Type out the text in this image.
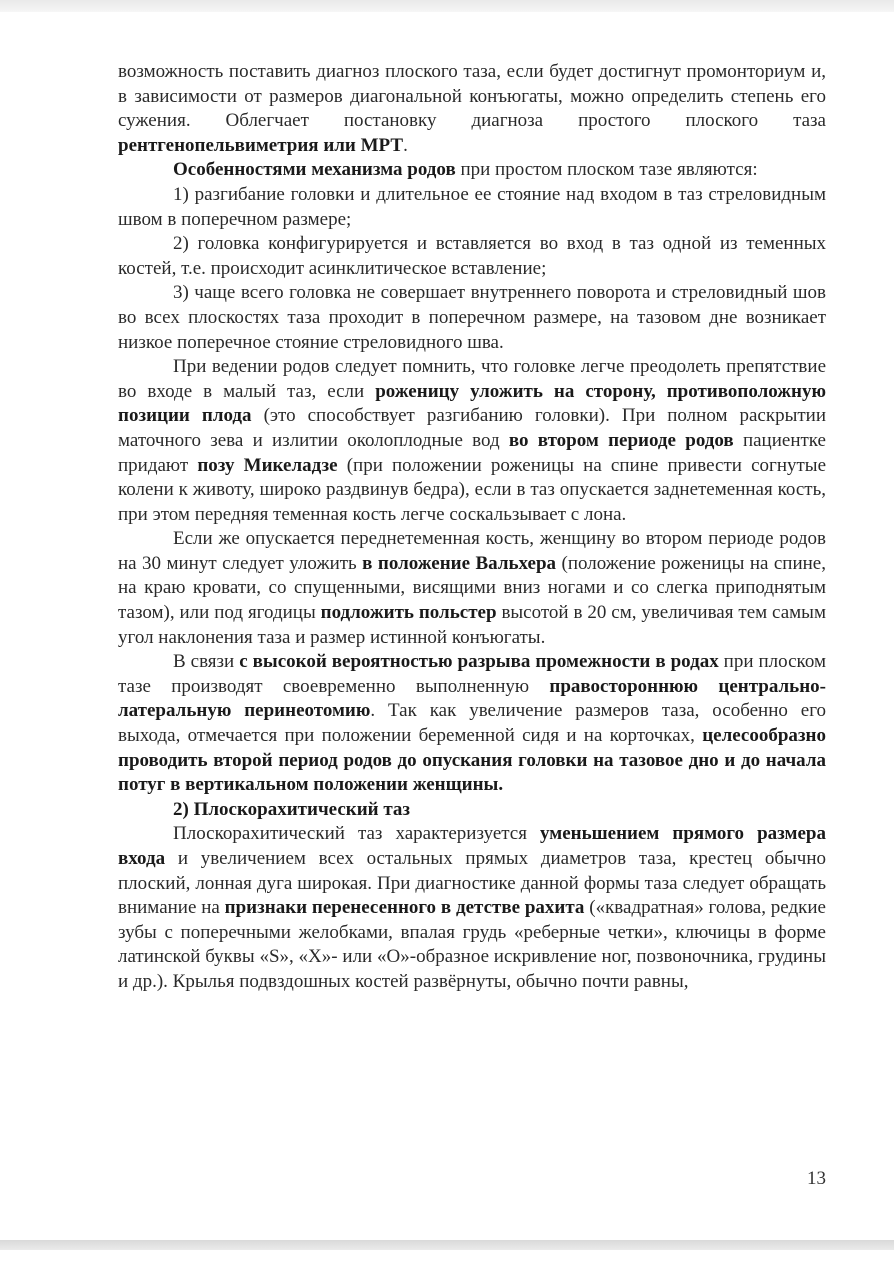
возможность поставить диагноз плоского таза, если будет достигнут промонториум и, в зависимости от размеров диагональной конъюгаты, можно определить степень его сужения. Облегчает постановку диагноза простого плоского таза рентгенопельвиметрия или МРТ.

Особенностями механизма родов при простом плоском тазе являются:

1) разгибание головки и длительное ее стояние над входом в таз стреловидным швом в поперечном размере;

2) головка конфигурируется и вставляется во вход в таз одной из теменных костей, т.е. происходит асинклитическое вставление;

3) чаще всего головка не совершает внутреннего поворота и стреловидный шов во всех плоскостях таза проходит в поперечном размере, на тазовом дне возникает низкое поперечное стояние стреловидного шва.

При ведении родов следует помнить, что головке легче преодолеть препятствие во входе в малый таз, если роженицу уложить на сторону, противоположную позиции плода (это способствует разгибанию головки). При полном раскрытии маточного зева и излитии околоплодные вод во втором периоде родов пациентке придают позу Микеладзе (при положении роженицы на спине привести согнутые колени к животу, широко раздвинув бедра), если в таз опускается заднетеменная кость, при этом передняя теменная кость легче соскальзывает с лона.

Если же опускается переднетеменная кость, женщину во втором периоде родов на 30 минут следует уложить в положение Вальхера (положение роженицы на спине, на краю кровати, со спущенными, висящими вниз ногами и со слегка приподнятым тазом), или под ягодицы подложить польстер высотой в 20 см, увеличивая тем самым угол наклонения таза и размер истинной конъюгаты.

В связи с высокой вероятностью разрыва промежности в родах при плоском тазе производят своевременно выполненную правостороннюю центрально-латеральную перинеотомию. Так как увеличение размеров таза, особенно его выхода, отмечается при положении беременной сидя и на корточках, целесообразно проводить второй период родов до опускания головки на тазовое дно и до начала потуг в вертикальном положении женщины.

2) Плоскорахитический таз

Плоскорахитический таз характеризуется уменьшением прямого размера входа и увеличением всех остальных прямых диаметров таза, крестец обычно плоский, лонная дуга широкая. При диагностике данной формы таза следует обращать внимание на признаки перенесенного в детстве рахита («квадратная» голова, редкие зубы с поперечными желобками, впалая грудь «реберные четки», ключицы в форме латинской буквы «S», «X»- или «O»-образное искривление ног, позвоночника, грудины и др.). Крылья подвздошных костей развёрнуты, обычно почти равны,

13
